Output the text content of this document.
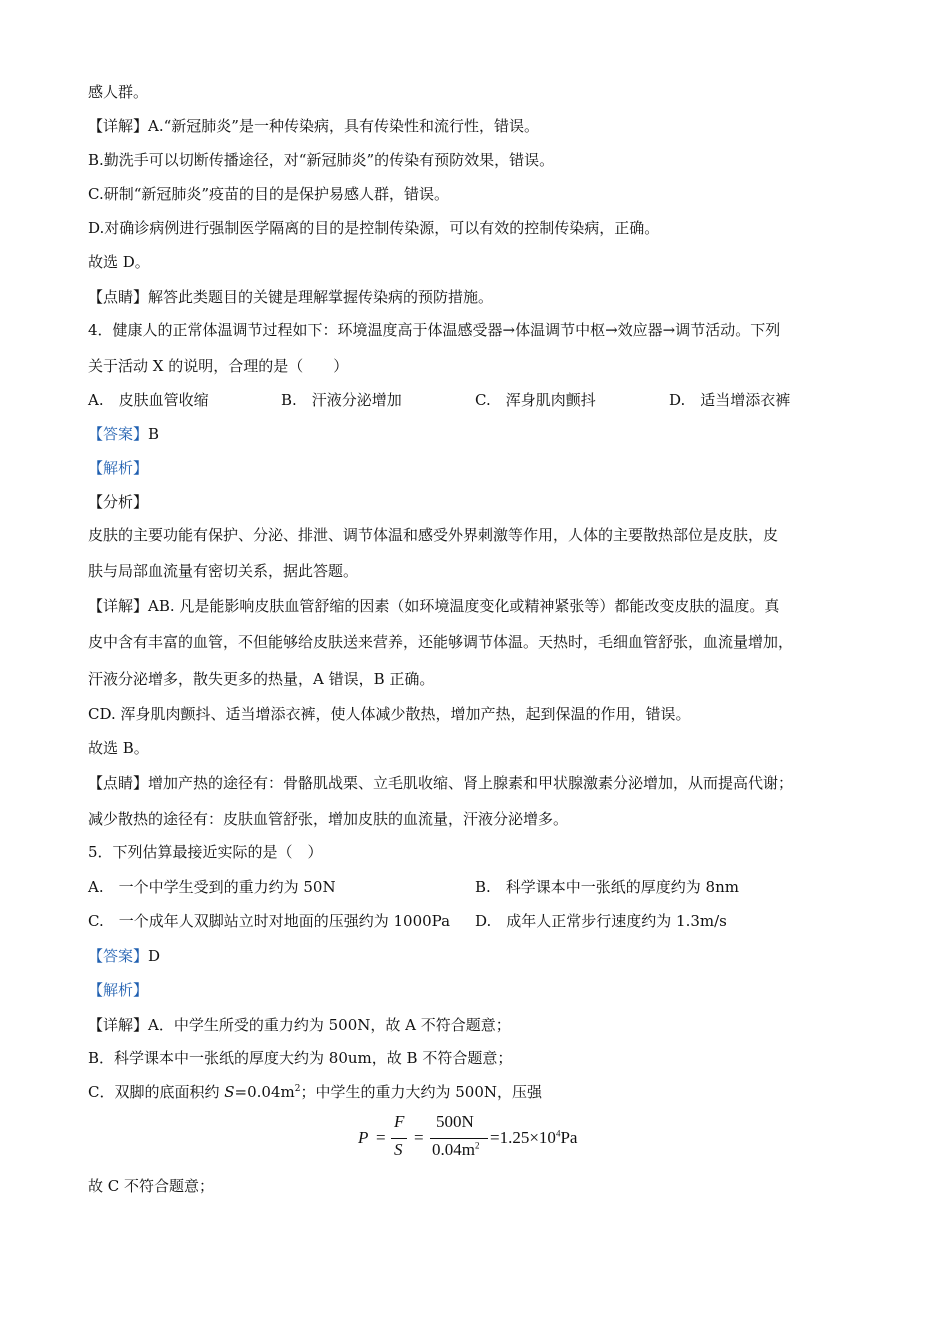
感人群。
【详解】A.“新冠肺炎”是一种传染病，具有传染性和流行性，错误。
B.勤洗手可以切断传播途径，对“新冠肺炎”的传染有预防效果，错误。
C.研制“新冠肺炎”疫苗的目的是保护易感人群，错误。
D.对确诊病例进行强制医学隔离的目的是控制传染源，可以有效的控制传染病，正确。
故选 D。
【点睛】解答此类题目的关键是理解掌握传染病的预防措施。
4．健康人的正常体温调节过程如下：环境温度高于体温感受器→体温调节中枢→效应器→调节活动。下列
关于活动 X 的说明，合理的是（　　）
A.　皮肤血管收缩	B.　汗液分泌增加	C.　浑身肌肉颤抖	D.　适当增添衣裤
【答案】B
【解析】
【分析】
皮肤的主要功能有保护、分泌、排泄、调节体温和感受外界刺激等作用，人体的主要散热部位是皮肤，皮
肤与局部血流量有密切关系，据此答题。
【详解】AB. 凡是能影响皮肤血管舒缩的因素（如环境温度变化或精神紧张等）都能改变皮肤的温度。真
皮中含有丰富的血管，不但能够给皮肤送来营养，还能够调节体温。天热时，毛细血管舒张，血流量增加，
汗液分泌增多，散失更多的热量，A 错误，B 正确。
CD. 浑身肌肉颤抖、适当增添衣裤，使人体减少散热，增加产热，起到保温的作用，错误。
故选 B。
【点睛】增加产热的途径有：骨骼肌战栗、立毛肌收缩、肾上腺素和甲状腺激素分泌增加，从而提高代谢；
减少散热的途径有：皮肤血管舒张，增加皮肤的血流量，汗液分泌增多。
5．下列估算最接近实际的是（　）
A.　一个中学生受到的重力约为 50N	B.　科学课本中一张纸的厚度约为 8nm
C.　一个成年人双脚站立时对地面的压强约为 1000Pa D.　成年人正常步行速度约为 1.3m/s
【答案】D
【解析】
【详解】A．中学生所受的重力约为 500N，故 A 不符合题意；
B．科学课本中一张纸的厚度大约为 80um，故 B 不符合题意；
C．双脚的底面积约 $S=0.04m^2$；中学生的重力大约为 500N，压强
P =
F
S
=
500N
$0.04m^2 =1.25\times 10^4Pa$
故 C 不符合题意；
